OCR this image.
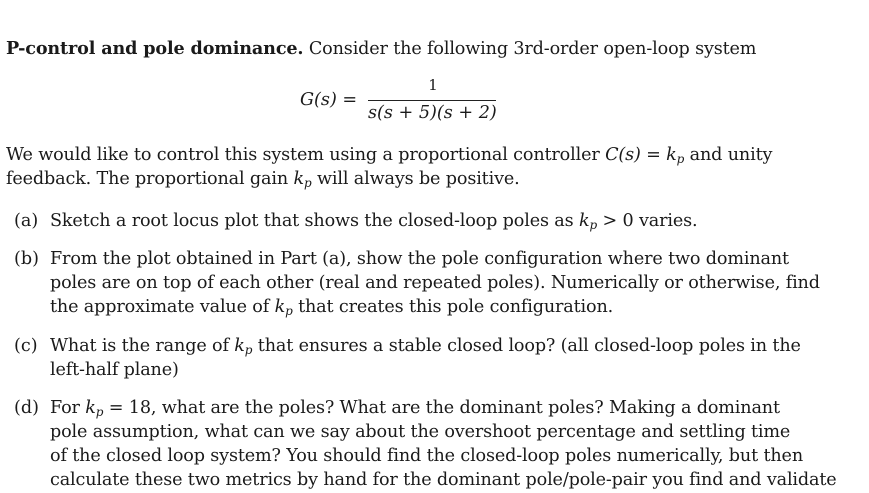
P-control and pole dominance. Consider the following 3rd-order open-loop system
G(s) =
1
s(s + 5)(s + 2)
We would like to control this system using a proportional controller $C(s) = k_p$ and unity
feedback. The proportional gain $k_p$ will always be positive.
(a) Sketch a root locus plot that shows the closed-loop poles as $k_p > 0$ varies.
(b) From the plot obtained in Part (a), show the pole configuration where two dominant
poles are on top of each other (real and repeated poles). Numerically or otherwise, find
the approximate value of $k_p$ that creates this pole configuration.
(c) What is the range of $k_p$ that ensures a stable closed loop? (all closed-loop poles in the
left-half plane)
(d) For $k_p = 18$, what are the poles? What are the dominant poles? Making a dominant
pole assumption, what can we say about the overshoot percentage and settling time
of the closed loop system? You should find the closed-loop poles numerically, but then
calculate these two metrics by hand for the dominant pole/pole-pair you find and validate
